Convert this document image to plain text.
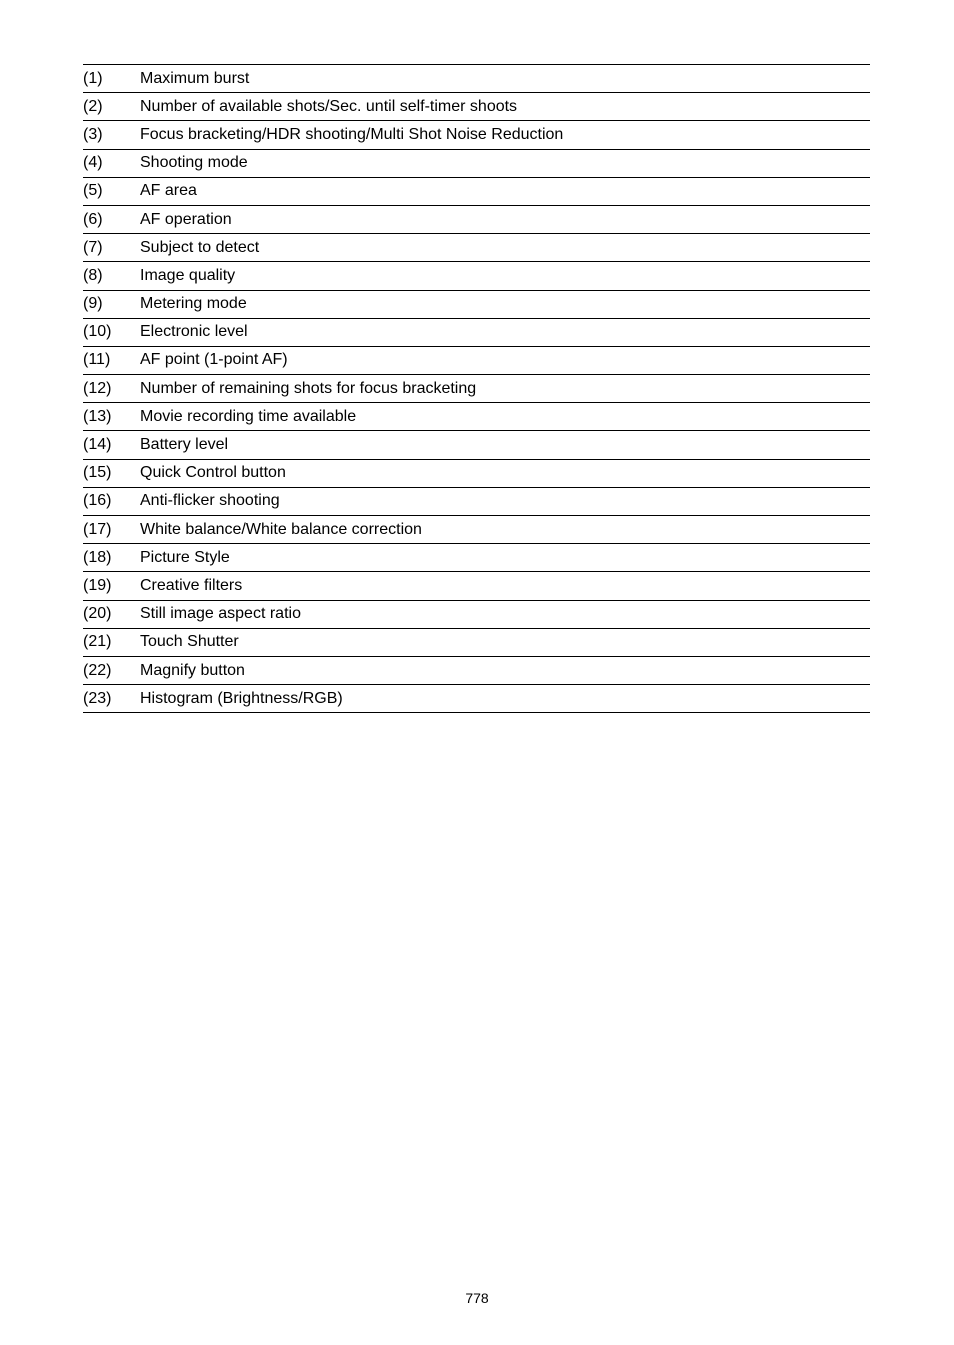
(1)	Maximum burst
(2)	Number of available shots/Sec. until self-timer shoots
(3)	Focus bracketing/HDR shooting/Multi Shot Noise Reduction
(4)	Shooting mode
(5)	AF area
(6)	AF operation
(7)	Subject to detect
(8)	Image quality
(9)	Metering mode
(10)	Electronic level
(11)	AF point (1-point AF)
(12)	Number of remaining shots for focus bracketing
(13)	Movie recording time available
(14)	Battery level
(15)	Quick Control button
(16)	Anti-flicker shooting
(17)	White balance/White balance correction
(18)	Picture Style
(19)	Creative filters
(20)	Still image aspect ratio
(21)	Touch Shutter
(22)	Magnify button
(23)	Histogram (Brightness/RGB)
778
